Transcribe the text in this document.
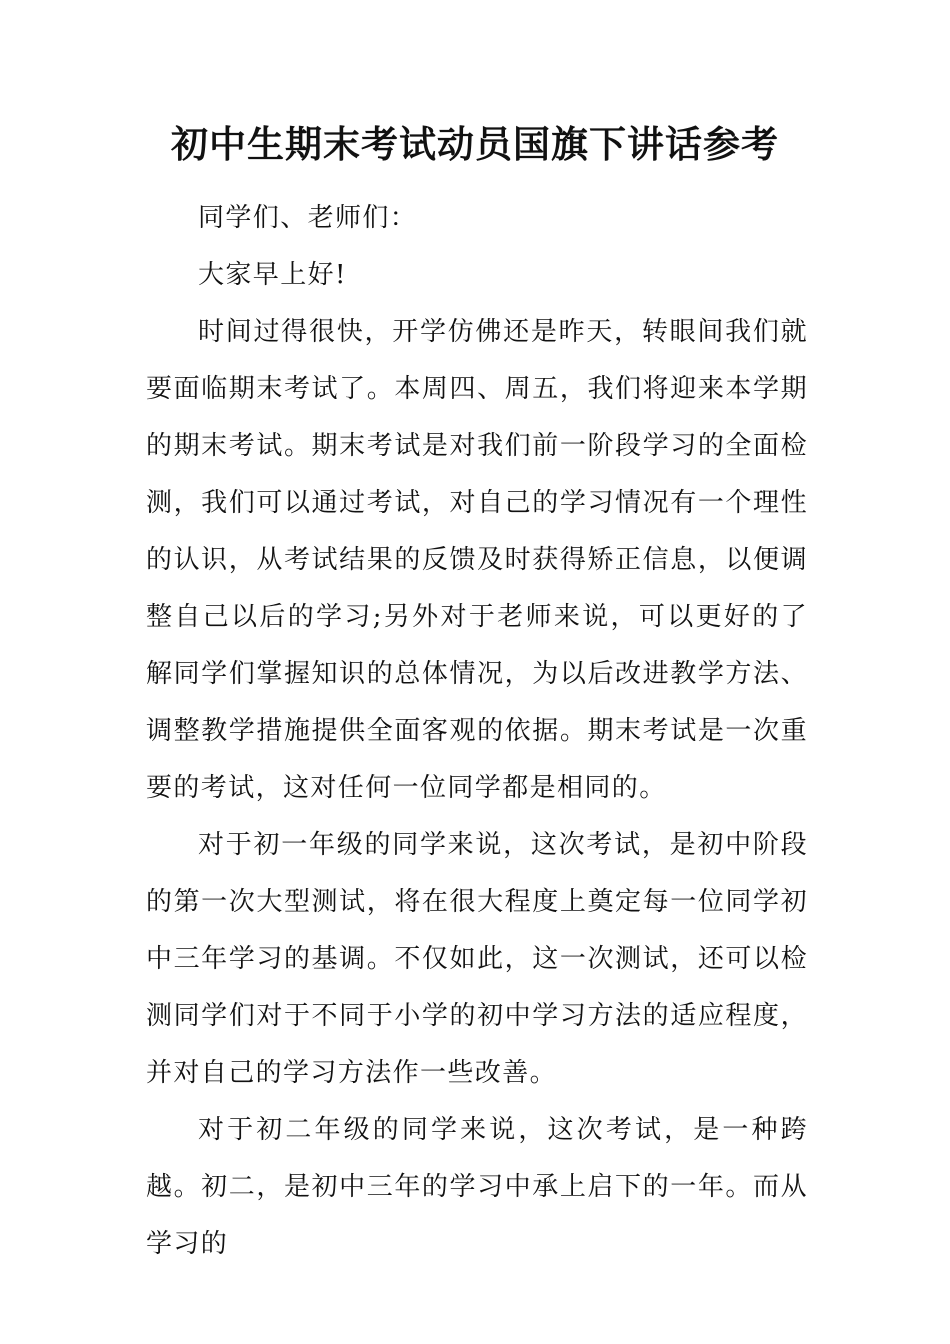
初中生期末考试动员国旗下讲话参考

同学们、老师们：

大家早上好!

时间过得很快，开学仿佛还是昨天，转眼间我们就要面临期末考试了。本周四、周五，我们将迎来本学期的期末考试。期末考试是对我们前一阶段学习的全面检测，我们可以通过考试，对自己的学习情况有一个理性的认识，从考试结果的反馈及时获得矫正信息，以便调整自己以后的学习;另外对于老师来说，可以更好的了解同学们掌握知识的总体情况，为以后改进教学方法、调整教学措施提供全面客观的依据。期末考试是一次重要的考试，这对任何一位同学都是相同的。

对于初一年级的同学来说，这次考试，是初中阶段的第一次大型测试，将在很大程度上奠定每一位同学初中三年学习的基调。不仅如此，这一次测试，还可以检测同学们对于不同于小学的初中学习方法的适应程度，并对自己的学习方法作一些改善。

对于初二年级的同学来说，这次考试，是一种跨越。初二，是初中三年的学习中承上启下的一年。而从学习的
